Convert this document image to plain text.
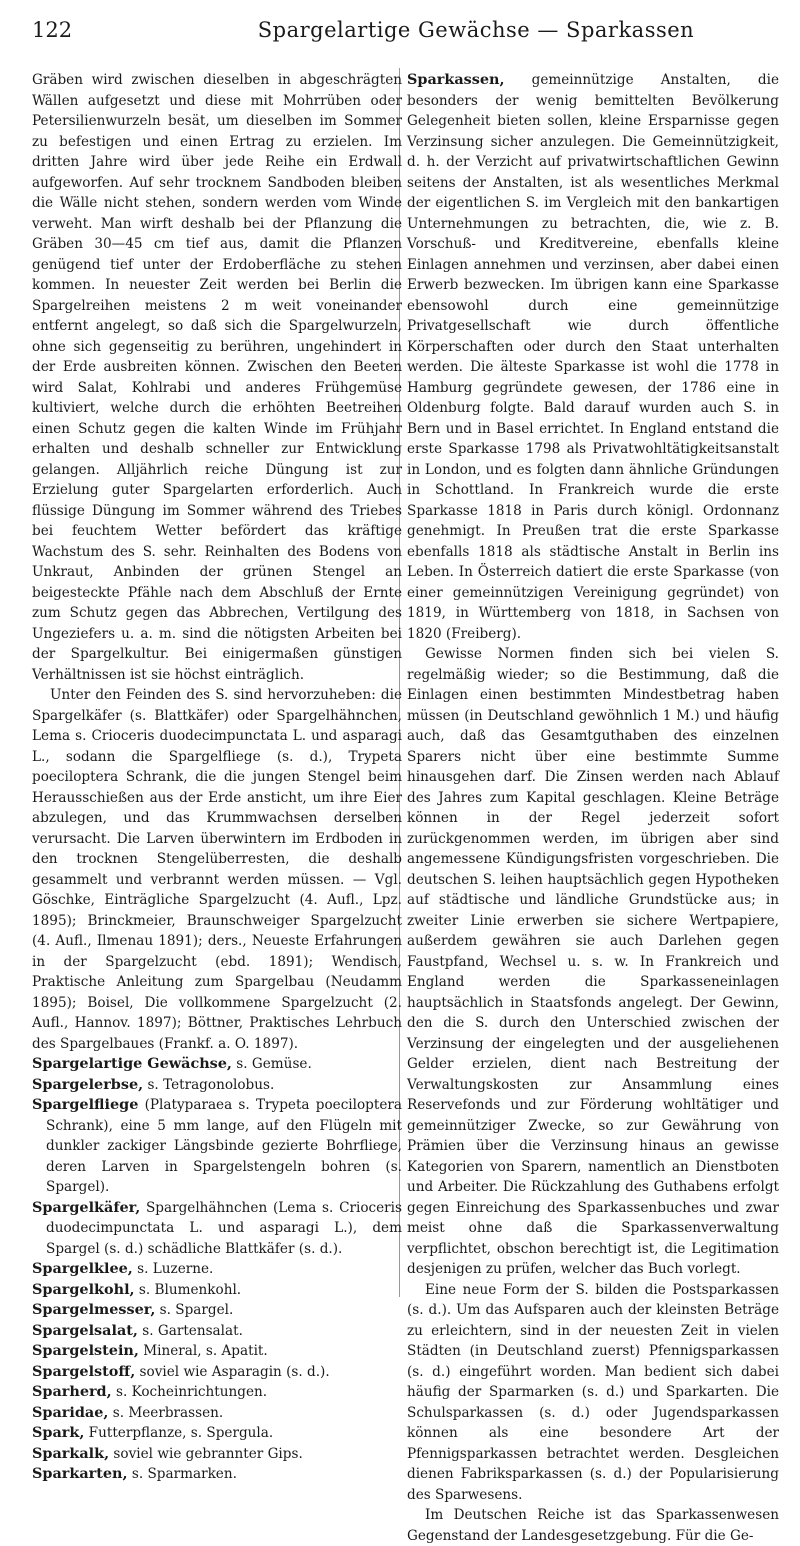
122	Spargelartige Gewächse — Sparkassen

Gräben wird zwischen dieselben in abgeschrägten Wällen aufgesetzt und diese mit Mohrrüben oder Petersilienwurzeln besät, um dieselben im Sommer zu befestigen und einen Ertrag zu erzielen. Im dritten Jahre wird über jede Reihe ein Erdwall aufgeworfen. Auf sehr trocknem Sandboden bleiben die Wälle nicht stehen, sondern werden vom Winde verweht. Man wirft deshalb bei der Pflanzung die Gräben 30—45 cm tief aus, damit die Pflanzen genügend tief unter der Erdoberfläche zu stehen kommen. In neuester Zeit werden bei Berlin die Spargelreihen meistens 2 m weit voneinander entfernt angelegt, so daß sich die Spargelwurzeln, ohne sich gegenseitig zu berühren, ungehindert in der Erde ausbreiten können. Zwischen den Beeten wird Salat, Kohlrabi und anderes Frühgemüse kultiviert, welche durch die erhöhten Beetreihen einen Schutz gegen die kalten Winde im Frühjahr erhalten und deshalb schneller zur Entwicklung gelangen. Alljährlich reiche Düngung ist zur Erzielung guter Spargelarten erforderlich. Auch flüssige Düngung im Sommer während des Triebes bei feuchtem Wetter befördert das kräftige Wachstum des S. sehr. Reinhalten des Bodens von Unkraut, Anbinden der grünen Stengel an beigesteckte Pfähle nach dem Abschluß der Ernte zum Schutz gegen das Abbrechen, Vertilgung des Ungeziefers u. a. m. sind die nötigsten Arbeiten bei der Spargelkultur. Bei einigermaßen günstigen Verhältnissen ist sie höchst einträglich.

Unter den Feinden des S. sind hervorzuheben: die Spargelkäfer (s. Blattkäfer) oder Spargelhähnchen, Lema s. Crioceris duodecimpunctata L. und asparagi L., sodann die Spargelfliege (s. d.), Trypeta poeciloptera Schrank, die die jungen Stengel beim Herausschießen aus der Erde ansticht, um ihre Eier abzulegen, und das Krummwachsen derselben verursacht. Die Larven überwintern im Erdboden in den trocknen Stengelüberresten, die deshalb gesammelt und verbrannt werden müssen. — Vgl. Göschke, Einträgliche Spargelzucht (4. Aufl., Lpz. 1895); Brinckmeier, Braunschweiger Spargelzucht (4. Aufl., Ilmenau 1891); ders., Neueste Erfahrungen in der Spargelzucht (ebd. 1891); Wendisch, Praktische Anleitung zum Spargelbau (Neudamm 1895); Boisel, Die vollkommene Spargelzucht (2. Aufl., Hannov. 1897); Böttner, Praktisches Lehrbuch des Spargelbaues (Frankf. a. O. 1897).

Spargelartige Gewächse, s. Gemüse.

Spargelerbse, s. Tetragonolobus.

Spargelfliege (Platyparaea s. Trypeta poeciloptera Schrank), eine 5 mm lange, auf den Flügeln mit dunkler zackiger Längsbinde gezierte Bohrfliege, deren Larven in Spargelstengeln bohren (s. Spargel).

Spargelkäfer, Spargelhähnchen (Lema s. Crioceris duodecimpunctata L. und asparagi L.), dem Spargel (s. d.) schädliche Blattkäfer (s. d.).

Spargelklee, s. Luzerne.

Spargelkohl, s. Blumenkohl.

Spargelmesser, s. Spargel.

Spargelsalat, s. Gartensalat.

Spargelstein, Mineral, s. Apatit.

Spargelstoff, soviel wie Asparagin (s. d.).

Sparherd, s. Kocheinrichtungen.

Sparidae, s. Meerbrassen.

Spark, Futterpflanze, s. Spergula.

Sparkalk, soviel wie gebrannter Gips.

Sparkarten, s. Sparmarken.

Sparkassen, gemeinnützige Anstalten, die besonders der wenig bemittelten Bevölkerung Gelegenheit bieten sollen, kleine Ersparnisse gegen Verzinsung sicher anzulegen. Die Gemeinnützigkeit, d. h. der Verzicht auf privatwirtschaftlichen Gewinn seitens der Anstalten, ist als wesentliches Merkmal der eigentlichen S. im Vergleich mit den bankartigen Unternehmungen zu betrachten, die, wie z. B. Vorschuß- und Kreditvereine, ebenfalls kleine Einlagen annehmen und verzinsen, aber dabei einen Erwerb bezwecken. Im übrigen kann eine Sparkasse ebensowohl durch eine gemeinnützige Privatgesellschaft wie durch öffentliche Körperschaften oder durch den Staat unterhalten werden. Die älteste Sparkasse ist wohl die 1778 in Hamburg gegründete gewesen, der 1786 eine in Oldenburg folgte. Bald darauf wurden auch S. in Bern und in Basel errichtet. In England entstand die erste Sparkasse 1798 als Privatwohltätigkeitsanstalt in London, und es folgten dann ähnliche Gründungen in Schottland. In Frankreich wurde die erste Sparkasse 1818 in Paris durch königl. Ordonnanz genehmigt. In Preußen trat die erste Sparkasse ebenfalls 1818 als städtische Anstalt in Berlin ins Leben. In Österreich datiert die erste Sparkasse (von einer gemeinnützigen Vereinigung gegründet) von 1819, in Württemberg von 1818, in Sachsen von 1820 (Freiberg).

Gewisse Normen finden sich bei vielen S. regelmäßig wieder; so die Bestimmung, daß die Einlagen einen bestimmten Mindestbetrag haben müssen (in Deutschland gewöhnlich 1 M.) und häufig auch, daß das Gesamtguthaben des einzelnen Sparers nicht über eine bestimmte Summe hinausgehen darf. Die Zinsen werden nach Ablauf des Jahres zum Kapital geschlagen. Kleine Beträge können in der Regel jederzeit sofort zurückgenommen werden, im übrigen aber sind angemessene Kündigungsfristen vorgeschrieben. Die deutschen S. leihen hauptsächlich gegen Hypotheken auf städtische und ländliche Grundstücke aus; in zweiter Linie erwerben sie sichere Wertpapiere, außerdem gewähren sie auch Darlehen gegen Faustpfand, Wechsel u. s. w. In Frankreich und England werden die Sparkasseneinlagen hauptsächlich in Staatsfonds angelegt. Der Gewinn, den die S. durch den Unterschied zwischen der Verzinsung der eingelegten und der ausgeliehenen Gelder erzielen, dient nach Bestreitung der Verwaltungskosten zur Ansammlung eines Reservefonds und zur Förderung wohltätiger und gemeinnütziger Zwecke, so zur Gewährung von Prämien über die Verzinsung hinaus an gewisse Kategorien von Sparern, namentlich an Dienstboten und Arbeiter. Die Rückzahlung des Guthabens erfolgt gegen Einreichung des Sparkassenbuches und zwar meist ohne daß die Sparkassenverwaltung verpflichtet, obschon berechtigt ist, die Legitimation desjenigen zu prüfen, welcher das Buch vorlegt.

Eine neue Form der S. bilden die Postsparkassen (s. d.). Um das Aufsparen auch der kleinsten Beträge zu erleichtern, sind in der neuesten Zeit in vielen Städten (in Deutschland zuerst) Pfennigsparkassen (s. d.) eingeführt worden. Man bedient sich dabei häufig der Sparmarken (s. d.) und Sparkarten. Die Schulsparkassen (s. d.) oder Jugendsparkassen können als eine besondere Art der Pfennigsparkassen betrachtet werden. Desgleichen dienen Fabriksparkassen (s. d.) der Popularisierung des Sparwesens.

Im Deutschen Reiche ist das Sparkassenwesen Gegenstand der Landesgesetzgebung. Für die Ge-
